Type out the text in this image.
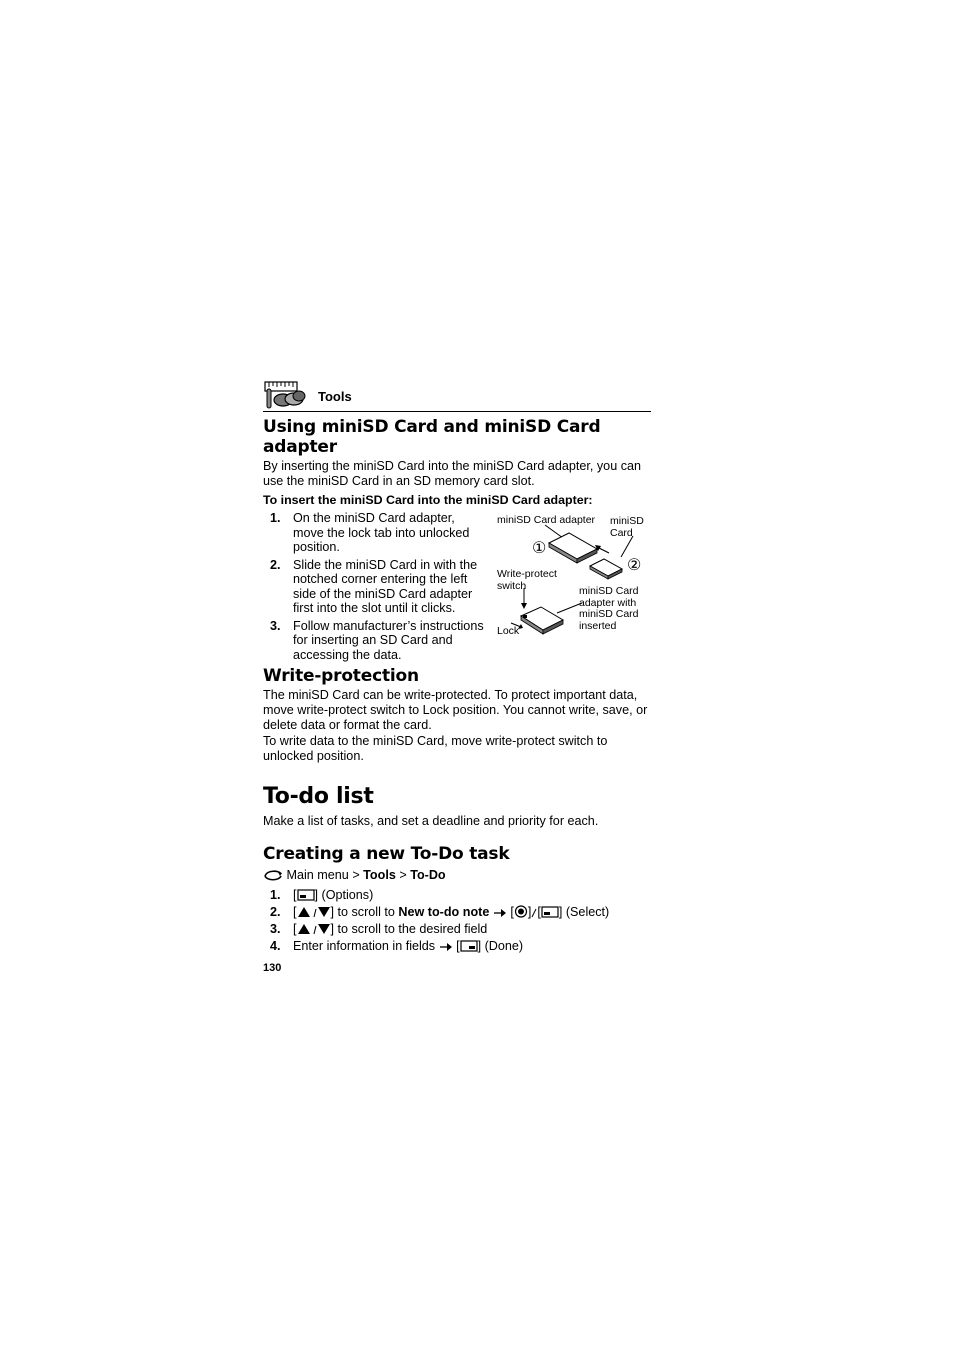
Tools
Using miniSD Card and miniSD Card adapter

By inserting the miniSD Card into the miniSD Card adapter, you can use the miniSD Card in an SD memory card slot.

To insert the miniSD Card into the miniSD Card adapter:

1. On the miniSD Card adapter, move the lock tab into unlocked position.
2. Slide the miniSD Card in with the notched corner entering the left side of the miniSD Card adapter first into the slot until it clicks.
3. Follow manufacturer’s instructions for inserting an SD Card and accessing the data.
miniSD Card adapter miniSD Card
Write-protect switch	miniSD Card adapter with miniSD Card inserted
Lock
①
②
Write-protection

The miniSD Card can be write-protected. To protect important data, move write-protect switch to Lock position. You cannot write, save, or delete data or format the card.

To write data to the miniSD Card, move write-protect switch to unlocked position.

To-do list

Make a list of tasks, and set a deadline and priority for each.

Creating a new To-Do task

Main menu > Tools > To-Do

1. [ ] (Options)
2. [	] to scroll to New to-do note  [ ] [ ] (Select)
3. [	] to scroll to the desired field
4. Enter information in fields  [ ] (Done)
130
